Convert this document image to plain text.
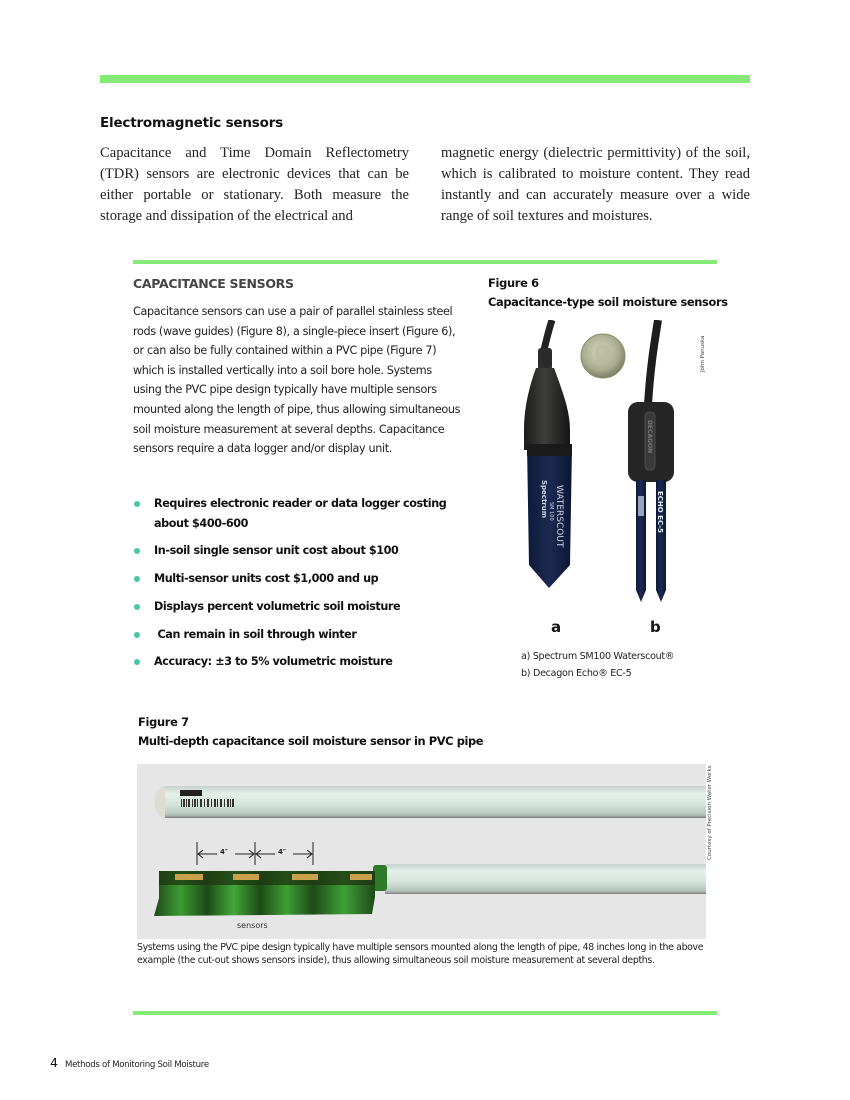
Electromagnetic sensors

Capacitance and Time Domain Reflectometry (TDR) sensors are electronic devices that can be either portable or stationary. Both measure the storage and dissipation of the electrical and

magnetic energy (dielectric permittivity) of the soil, which is calibrated to moisture content. They read instantly and can accurately measure over a wide range of soil textures and moistures.

CAPACITANCE SENSORS

Capacitance sensors can use a pair of parallel stainless steel rods (wave guides) (Figure 8), a single-piece insert (Figure 6), or can also be fully contained within a PVC pipe (Figure 7) which is installed vertically into a soil bore hole. Systems using the PVC pipe design typically have multiple sensors mounted along the length of pipe, thus allowing simultaneous soil moisture measurement at several depths. Capacitance sensors require a data logger and/or display unit.

Requires electronic reader or data logger costing about $400-600
In-soil single sensor unit cost about $100
Multi-sensor units cost $1,000 and up
Displays percent volumetric soil moisture
Can remain in soil through winter
Accuracy: ±3 to 5% volumetric moisture
Figure 6
Capacitance-type soil moisture sensors
Spectrum SM 100 WATERSCOUT
DECAGON
ECHO EC-5
John Panuska
a	b
a) Spectrum SM100 Waterscout®
b) Decagon Echo® EC-5
Figure 7
Multi-depth capacitance soil moisture sensor in PVC pipe
4″	4″
sensors
Courtesy of Precision Water Works

Systems using the PVC pipe design typically have multiple sensors mounted along the length of pipe, 48 inches long in the above example (the cut-out shows sensors inside), thus allowing simultaneous soil moisture measurement at several depths.

4 Methods of Monitoring Soil Moisture
